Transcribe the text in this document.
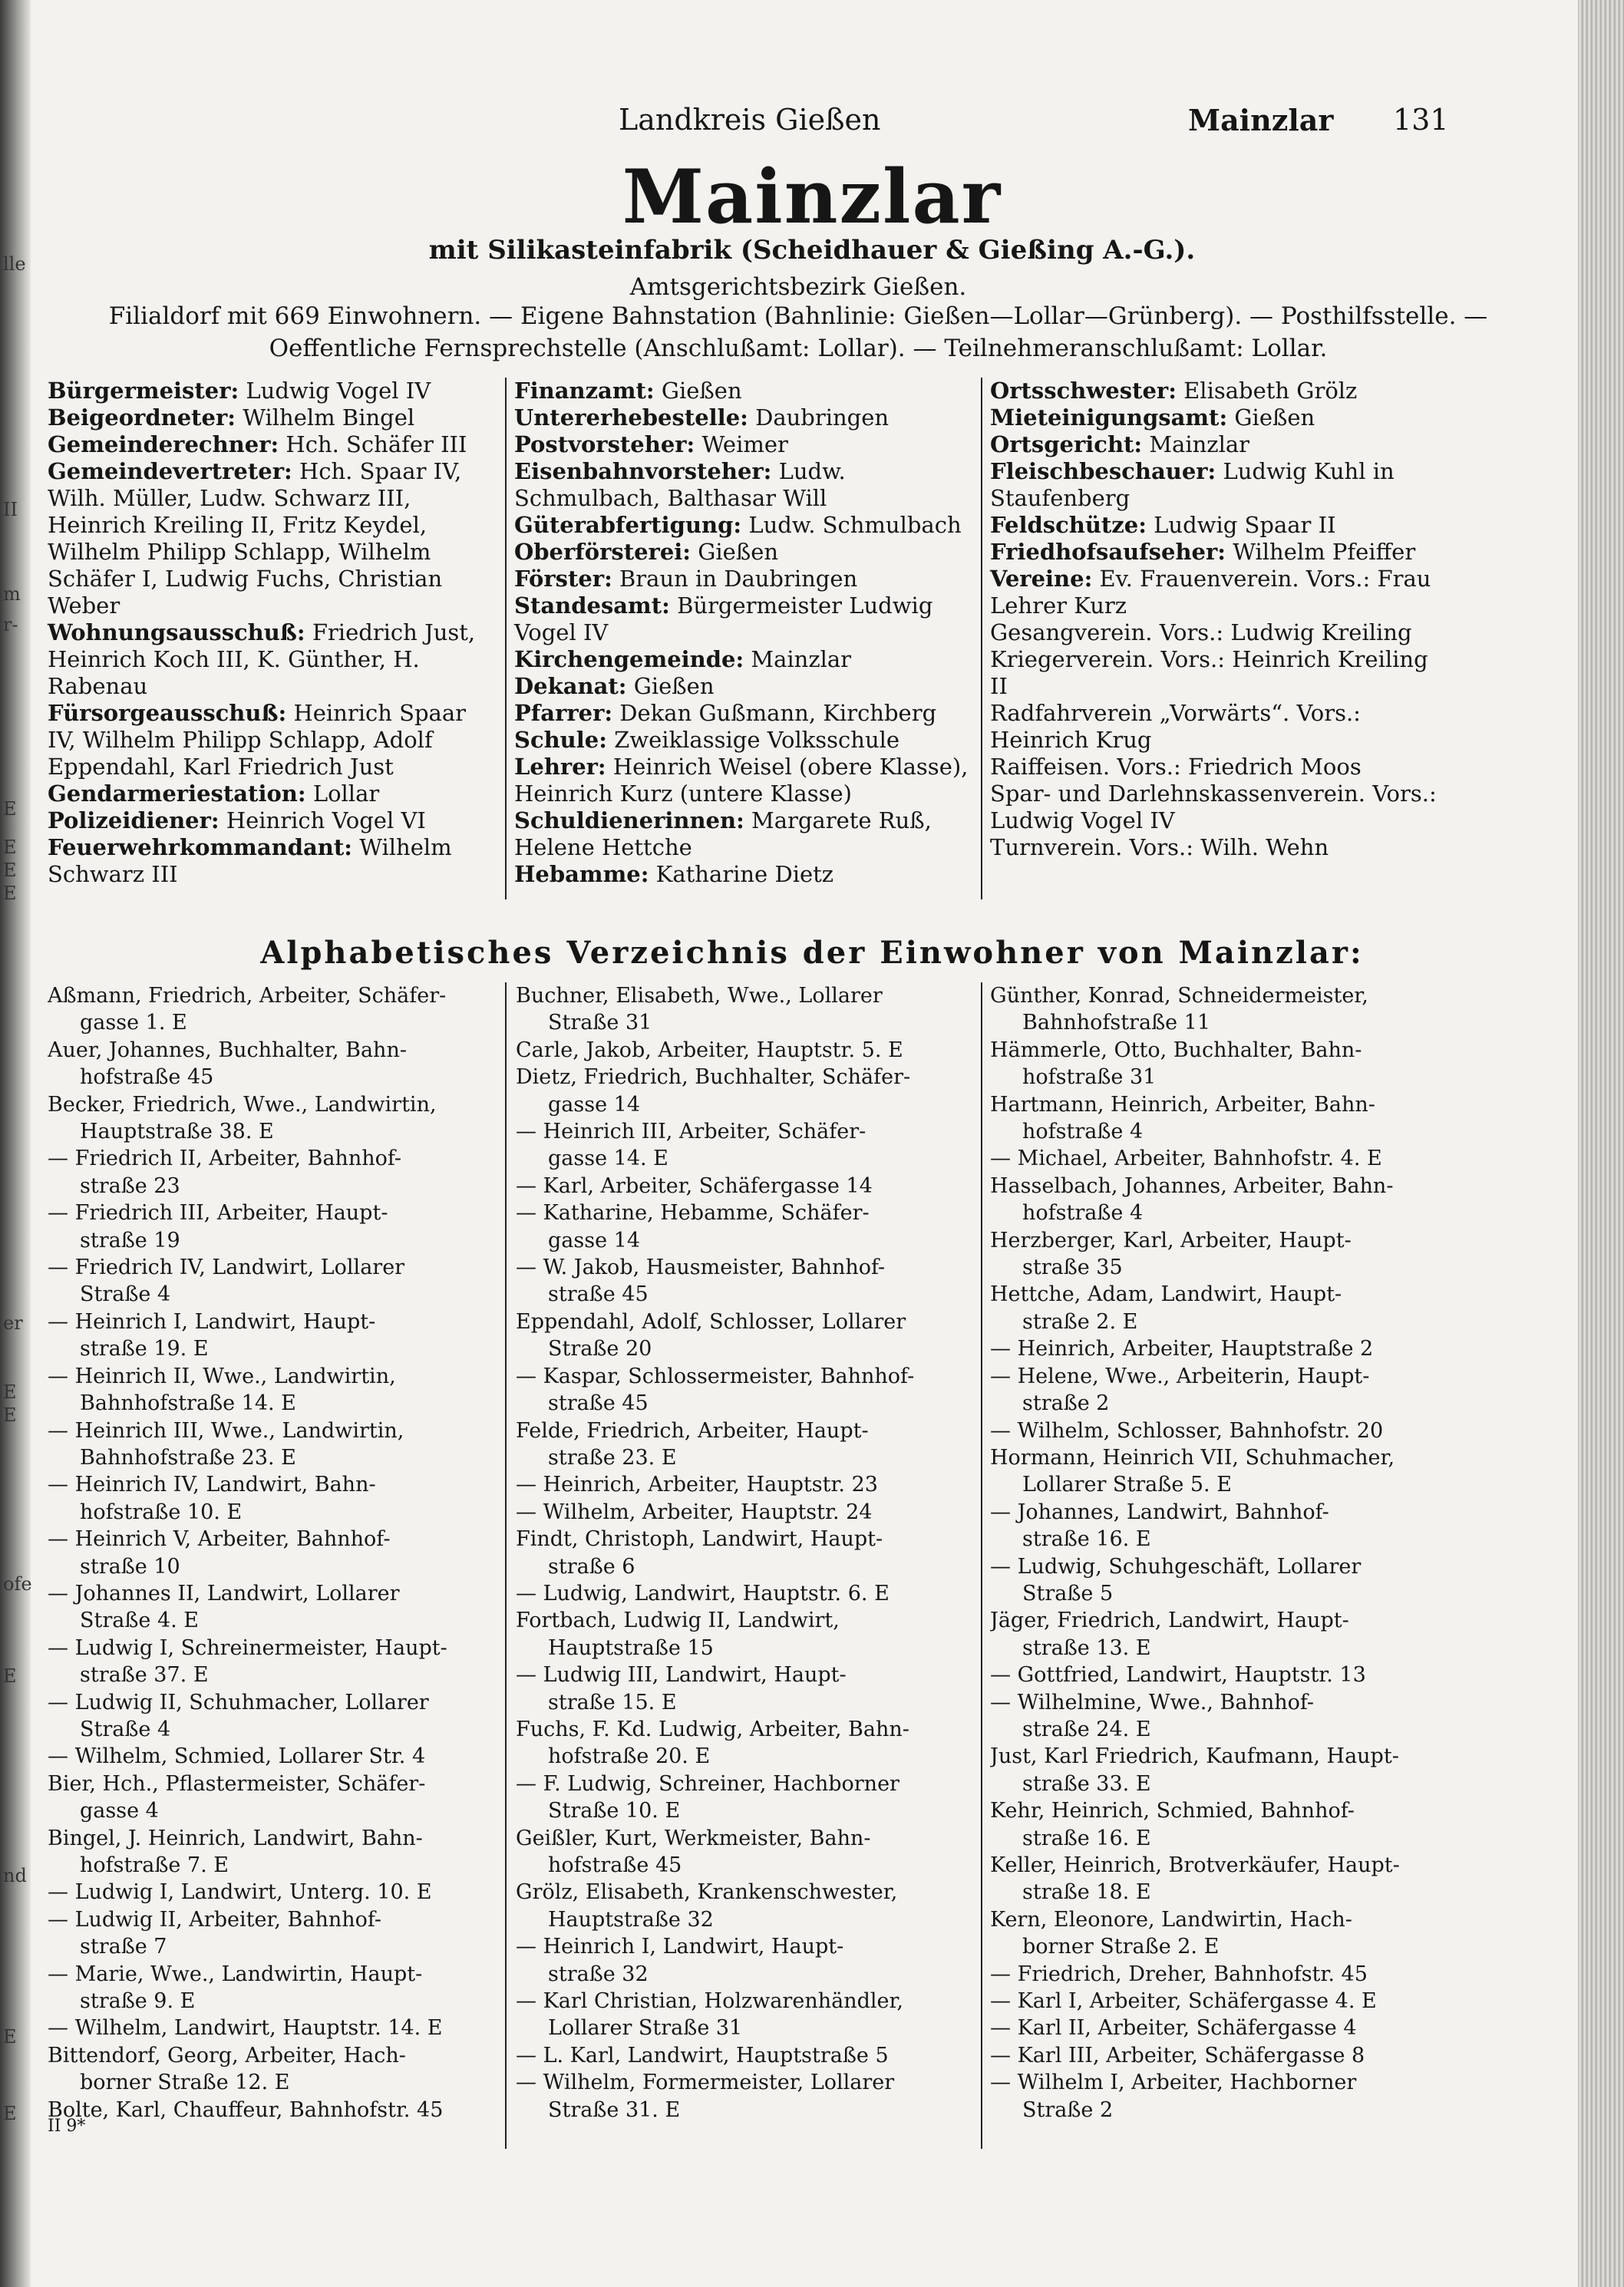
lle
II
m
r-
E
E
E
E
er
E
E
ofe
E
nd
E
E
Landkreis Gießen	Mainzlar 131
Mainzlar
mit Silikasteinfabrik (Scheidhauer & Gießing A.-G.).
Amtsgerichtsbezirk Gießen.
Filialdorf mit 669 Einwohnern. — Eigene Bahnstation (Bahnlinie: Gießen—Lollar—Grünberg). — Posthilfsstelle. —
Oeffentliche Fernsprechstelle (Anschlußamt: Lollar). — Teilnehmeranschlußamt: Lollar.

Bürgermeister: Ludwig Vogel IV

Beigeordneter: Wilhelm Bingel

Gemeinderechner: Hch. Schäfer III

Gemeindevertreter: Hch. Spaar IV, Wilh. Müller, Ludw. Schwarz III, Heinrich Kreiling II, Fritz Keydel, Wilhelm Philipp Schlapp, Wilhelm Schäfer I, Ludwig Fuchs, Christian Weber

Wohnungsausschuß: Friedrich Just, Heinrich Koch III, K. Günther, H. Rabenau

Fürsorgeausschuß: Heinrich Spaar IV, Wilhelm Philipp Schlapp, Adolf Eppendahl, Karl Friedrich Just

Gendarmeriestation: Lollar

Polizeidiener: Heinrich Vogel VI

Feuerwehrkommandant: Wilhelm Schwarz III

Finanzamt: Gießen

Untererhebestelle: Daubringen

Postvorsteher: Weimer

Eisenbahnvorsteher: Ludw. Schmulbach, Balthasar Will

Güterabfertigung: Ludw. Schmulbach

Oberförsterei: Gießen

Förster: Braun in Daubringen

Standesamt: Bürgermeister Ludwig Vogel IV

Kirchengemeinde: Mainzlar

Dekanat: Gießen

Pfarrer: Dekan Gußmann, Kirchberg

Schule: Zweiklassige Volksschule

Lehrer: Heinrich Weisel (obere Klasse), Heinrich Kurz (untere Klasse)

Schuldienerinnen: Margarete Ruß, Helene Hettche

Hebamme: Katharine Dietz

Ortsschwester: Elisabeth Grölz

Mieteinigungsamt: Gießen

Ortsgericht: Mainzlar

Fleischbeschauer: Ludwig Kuhl in Staufenberg

Feldschütze: Ludwig Spaar II

Friedhofsaufseher: Wilhelm Pfeiffer

Vereine: Ev. Frauenverein. Vors.: Frau Lehrer Kurz

Gesangverein. Vors.: Ludwig Kreiling

Kriegerverein. Vors.: Heinrich Kreiling II

Radfahrverein „Vorwärts“. Vors.: Heinrich Krug

Raiffeisen. Vors.: Friedrich Moos

Spar- und Darlehnskassenverein. Vors.: Ludwig Vogel IV

Turnverein. Vors.: Wilh. Wehn

Alphabetisches Verzeichnis der Einwohner von Mainzlar:

Aßmann, Friedrich, Arbeiter, Schäfer-

gasse 1. E

Auer, Johannes, Buchhalter, Bahn-

hofstraße 45

Becker, Friedrich, Wwe., Landwirtin,

Hauptstraße 38. E

— Friedrich II, Arbeiter, Bahnhof-

straße 23

— Friedrich III, Arbeiter, Haupt-

straße 19

— Friedrich IV, Landwirt, Lollarer

Straße 4

— Heinrich I, Landwirt, Haupt-

straße 19. E

— Heinrich II, Wwe., Landwirtin,

Bahnhofstraße 14. E

— Heinrich III, Wwe., Landwirtin,

Bahnhofstraße 23. E

— Heinrich IV, Landwirt, Bahn-

hofstraße 10. E

— Heinrich V, Arbeiter, Bahnhof-

straße 10

— Johannes II, Landwirt, Lollarer

Straße 4. E

— Ludwig I, Schreinermeister, Haupt-

straße 37. E

— Ludwig II, Schuhmacher, Lollarer

Straße 4

— Wilhelm, Schmied, Lollarer Str. 4

Bier, Hch., Pflastermeister, Schäfer-

gasse 4

Bingel, J. Heinrich, Landwirt, Bahn-

hofstraße 7. E

— Ludwig I, Landwirt, Unterg. 10. E

— Ludwig II, Arbeiter, Bahnhof-

straße 7

— Marie, Wwe., Landwirtin, Haupt-

straße 9. E

— Wilhelm, Landwirt, Hauptstr. 14. E

Bittendorf, Georg, Arbeiter, Hach-

borner Straße 12. E

Bolte, Karl, Chauffeur, Bahnhofstr. 45

Buchner, Elisabeth, Wwe., Lollarer

Straße 31

Carle, Jakob, Arbeiter, Hauptstr. 5. E

Dietz, Friedrich, Buchhalter, Schäfer-

gasse 14

— Heinrich III, Arbeiter, Schäfer-

gasse 14. E

— Karl, Arbeiter, Schäfergasse 14

— Katharine, Hebamme, Schäfer-

gasse 14

— W. Jakob, Hausmeister, Bahnhof-

straße 45

Eppendahl, Adolf, Schlosser, Lollarer

Straße 20

— Kaspar, Schlossermeister, Bahnhof-

straße 45

Felde, Friedrich, Arbeiter, Haupt-

straße 23. E

— Heinrich, Arbeiter, Hauptstr. 23

— Wilhelm, Arbeiter, Hauptstr. 24

Findt, Christoph, Landwirt, Haupt-

straße 6

— Ludwig, Landwirt, Hauptstr. 6. E

Fortbach, Ludwig II, Landwirt,

Hauptstraße 15

— Ludwig III, Landwirt, Haupt-

straße 15. E

Fuchs, F. Kd. Ludwig, Arbeiter, Bahn-

hofstraße 20. E

— F. Ludwig, Schreiner, Hachborner

Straße 10. E

Geißler, Kurt, Werkmeister, Bahn-

hofstraße 45

Grölz, Elisabeth, Krankenschwester,

Hauptstraße 32

— Heinrich I, Landwirt, Haupt-

straße 32

— Karl Christian, Holzwarenhändler,

Lollarer Straße 31

— L. Karl, Landwirt, Hauptstraße 5

— Wilhelm, Formermeister, Lollarer

Straße 31. E

Günther, Konrad, Schneidermeister,

Bahnhofstraße 11

Hämmerle, Otto, Buchhalter, Bahn-

hofstraße 31

Hartmann, Heinrich, Arbeiter, Bahn-

hofstraße 4

— Michael, Arbeiter, Bahnhofstr. 4. E

Hasselbach, Johannes, Arbeiter, Bahn-

hofstraße 4

Herzberger, Karl, Arbeiter, Haupt-

straße 35

Hettche, Adam, Landwirt, Haupt-

straße 2. E

— Heinrich, Arbeiter, Hauptstraße 2

— Helene, Wwe., Arbeiterin, Haupt-

straße 2

— Wilhelm, Schlosser, Bahnhofstr. 20

Hormann, Heinrich VII, Schuhmacher,

Lollarer Straße 5. E

— Johannes, Landwirt, Bahnhof-

straße 16. E

— Ludwig, Schuhgeschäft, Lollarer

Straße 5

Jäger, Friedrich, Landwirt, Haupt-

straße 13. E

— Gottfried, Landwirt, Hauptstr. 13

— Wilhelmine, Wwe., Bahnhof-

straße 24. E

Just, Karl Friedrich, Kaufmann, Haupt-

straße 33. E

Kehr, Heinrich, Schmied, Bahnhof-

straße 16. E

Keller, Heinrich, Brotverkäufer, Haupt-

straße 18. E

Kern, Eleonore, Landwirtin, Hach-

borner Straße 2. E

— Friedrich, Dreher, Bahnhofstr. 45

— Karl I, Arbeiter, Schäfergasse 4. E

— Karl II, Arbeiter, Schäfergasse 4

— Karl III, Arbeiter, Schäfergasse 8

— Wilhelm I, Arbeiter, Hachborner

Straße 2

II 9*
